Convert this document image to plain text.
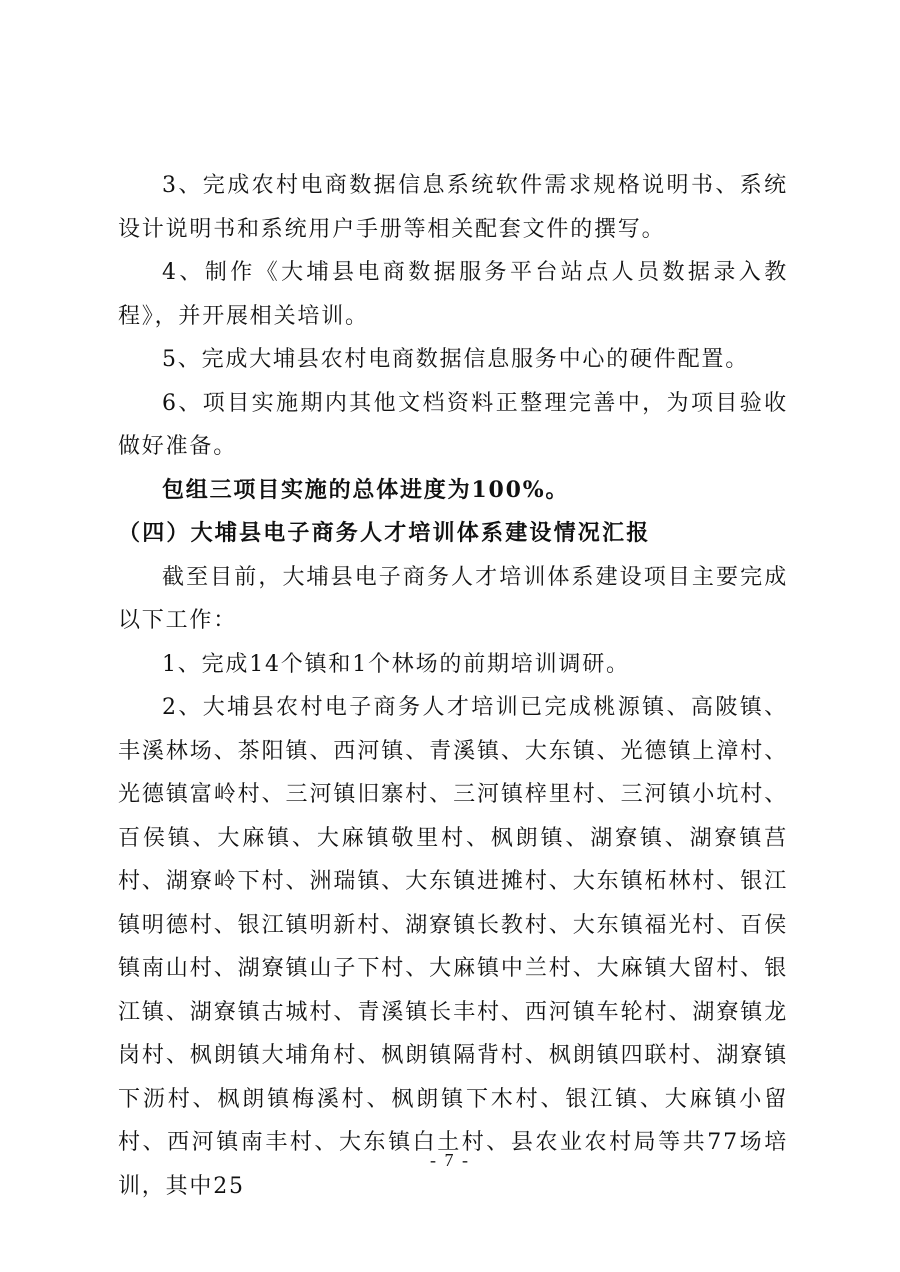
3、完成农村电商数据信息系统软件需求规格说明书、系统设计说明书和系统用户手册等相关配套文件的撰写。

4、制作《大埔县电商数据服务平台站点人员数据录入教程》，并开展相关培训。

5、完成大埔县农村电商数据信息服务中心的硬件配置。

6、项目实施期内其他文档资料正整理完善中，为项目验收做好准备。

包组三项目实施的总体进度为100%。

（四）大埔县电子商务人才培训体系建设情况汇报

截至目前，大埔县电子商务人才培训体系建设项目主要完成以下工作：

1、完成14个镇和1个林场的前期培训调研。

2、大埔县农村电子商务人才培训已完成桃源镇、高陂镇、丰溪林场、茶阳镇、西河镇、青溪镇、大东镇、光德镇上漳村、光德镇富岭村、三河镇旧寨村、三河镇梓里村、三河镇小坑村、百侯镇、大麻镇、大麻镇敬里村、枫朗镇、湖寮镇、湖寮镇莒村、湖寮岭下村、洲瑞镇、大东镇进摊村、大东镇柘林村、银江镇明德村、银江镇明新村、湖寮镇长教村、大东镇福光村、百侯镇南山村、湖寮镇山子下村、大麻镇中兰村、大麻镇大留村、银江镇、湖寮镇古城村、青溪镇长丰村、西河镇车轮村、湖寮镇龙岗村、枫朗镇大埔角村、枫朗镇隔背村、枫朗镇四联村、湖寮镇下沥村、枫朗镇梅溪村、枫朗镇下木村、银江镇、大麻镇小留村、西河镇南丰村、大东镇白土村、县农业农村局等共77场培训，其中25

- 7 -
